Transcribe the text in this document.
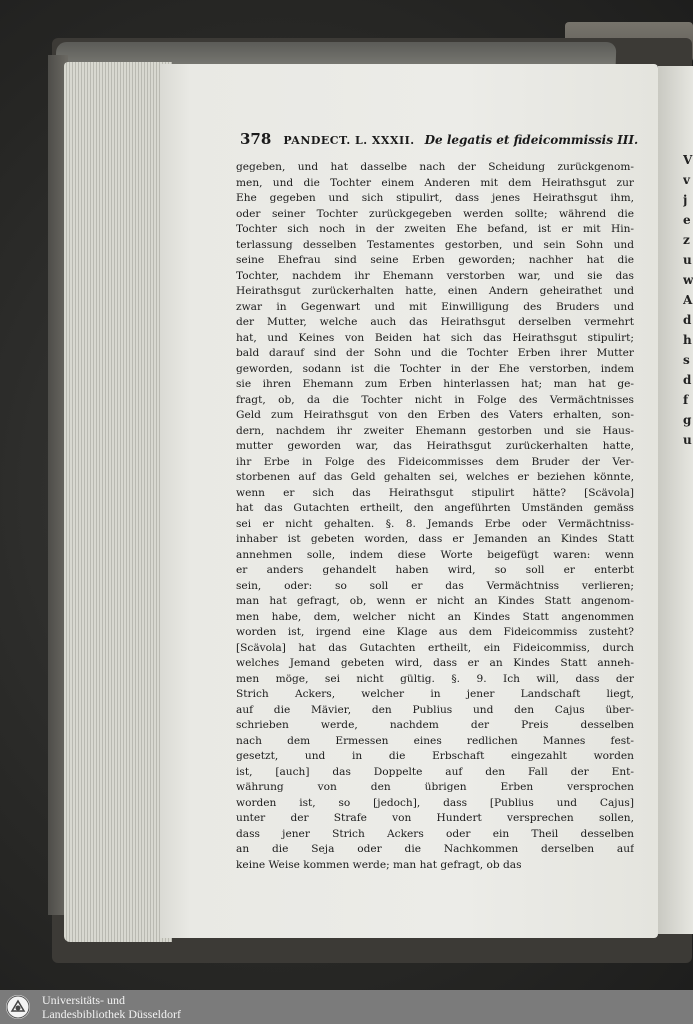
V
v
j
e
z
u
w
A
d
h
s
d
f
g
u
378 PANDECT. L. XXXII. De legatis et fideicommissis III.
gegeben, und hat dasselbe nach der Scheidung zurückgenom-
men, und die Tochter einem Anderen mit dem Heirathsgut zur
Ehe gegeben und sich stipulirt, dass jenes Heirathsgut ihm,
oder seiner Tochter zurückgegeben werden sollte; während die
Tochter sich noch in der zweiten Ehe befand, ist er mit Hin-
terlassung desselben Testamentes gestorben, und sein Sohn und
seine Ehefrau sind seine Erben geworden; nachher hat die
Tochter, nachdem ihr Ehemann verstorben war, und sie das
Heirathsgut zurückerhalten hatte, einen Andern geheirathet und
zwar in Gegenwart und mit Einwilligung des Bruders und
der Mutter, welche auch das Heirathsgut derselben vermehrt
hat, und Keines von Beiden hat sich das Heirathsgut stipulirt;
bald darauf sind der Sohn und die Tochter Erben ihrer Mutter
geworden, sodann ist die Tochter in der Ehe verstorben, indem
sie ihren Ehemann zum Erben hinterlassen hat; man hat ge-
fragt, ob, da die Tochter nicht in Folge des Vermächtnisses
Geld zum Heirathsgut von den Erben des Vaters erhalten, son-
dern, nachdem ihr zweiter Ehemann gestorben und sie Haus-
mutter geworden war, das Heirathsgut zurückerhalten hatte,
ihr Erbe in Folge des Fideicommisses dem Bruder der Ver-
storbenen auf das Geld gehalten sei, welches er beziehen könnte,
wenn er sich das Heirathsgut stipulirt hätte? [Scävola]
hat das Gutachten ertheilt, den angeführten Umständen gemäss
sei er nicht gehalten. §. 8. Jemands Erbe oder Vermächtniss-
inhaber ist gebeten worden, dass er Jemanden an Kindes Statt
annehmen solle, indem diese Worte beigefügt waren: wenn
er anders gehandelt haben wird, so soll er enterbt
sein, oder: so soll er das Vermächtniss verlieren;
man hat gefragt, ob, wenn er nicht an Kindes Statt angenom-
men habe, dem, welcher nicht an Kindes Statt angenommen
worden ist, irgend eine Klage aus dem Fideicommiss zusteht?
[Scävola] hat das Gutachten ertheilt, ein Fideicommiss, durch
welches Jemand gebeten wird, dass er an Kindes Statt anneh-
men möge, sei nicht gültig. §. 9. Ich will, dass der
Strich Ackers, welcher in jener Landschaft liegt,
auf die Mävier, den Publius und den Cajus über-
schrieben werde, nachdem der Preis desselben
nach dem Ermessen eines redlichen Mannes fest-
gesetzt, und in die Erbschaft eingezahlt worden
ist, [auch] das Doppelte auf den Fall der Ent-
währung von den übrigen Erben versprochen
worden ist, so [jedoch], dass [Publius und Cajus]
unter der Strafe von Hundert versprechen sollen,
dass jener Strich Ackers oder ein Theil desselben
an die Seja oder die Nachkommen derselben auf
keine Weise kommen werde; man hat gefragt, ob das
Universitäts- und
Landesbibliothek Düsseldorf
